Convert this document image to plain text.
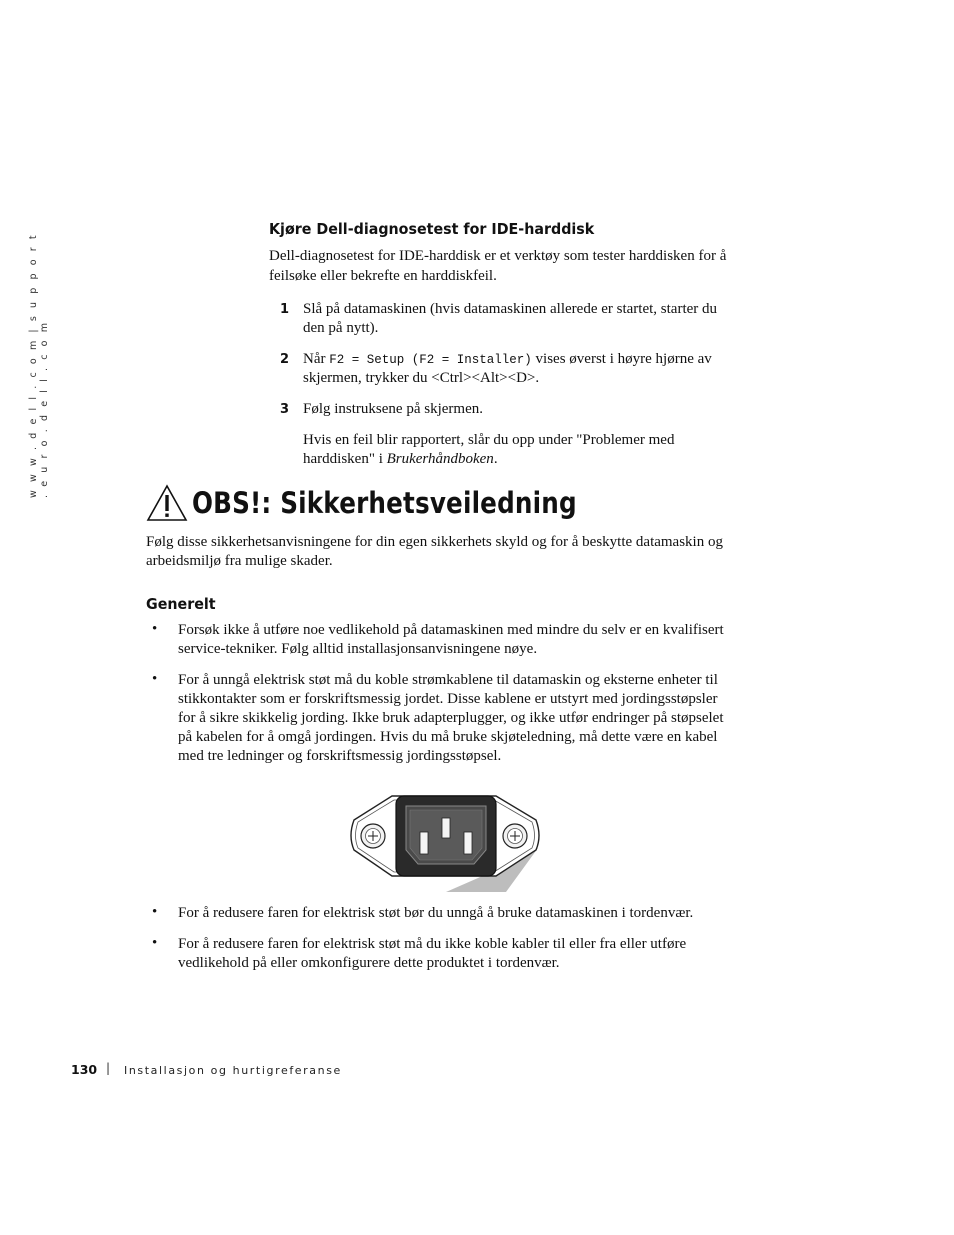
w w w . d e l l . c o m | s u p p o r t . e u r o . d e l l . c o m
Kjøre Dell-diagnosetest for IDE-harddisk
Dell-diagnosetest for IDE-harddisk er et verktøy som tester harddisken for å
feilsøke eller bekrefte en harddiskfeil.
1 Slå på datamaskinen (hvis datamaskinen allerede er startet, starter du
den på nytt).
2 Når F2 = Setup (F2 = Installer) vises øverst i høyre hjørne av
skjermen, trykker du <Ctrl><Alt><D>.
3 Følg instruksene på skjermen.
Hvis en feil blir rapportert, slår du opp under "Problemer med
harddisken" i Brukerhåndboken.
OBS!: Sikkerhetsveiledning
Følg disse sikkerhetsanvisningene for din egen sikkerhets skyld og for å beskytte datamaskin og
arbeidsmiljø fra mulige skader.
Generelt
• Forsøk ikke å utføre noe vedlikehold på datamaskinen med mindre du selv er en kvalifisert
service-tekniker. Følg alltid installasjonsanvisningene nøye.
• For å unngå elektrisk støt må du koble strømkablene til datamaskin og eksterne enheter til
stikkontakter som er forskriftsmessig jordet. Disse kablene er utstyrt med jordingsstøpsler
for å sikre skikkelig jording. Ikke bruk adapterplugger, og ikke utfør endringer på støpselet
på kabelen for å omgå jordingen. Hvis du må bruke skjøteledning, må dette være en kabel
med tre ledninger og forskriftsmessig jordingsstøpsel.
• For å redusere faren for elektrisk støt bør du unngå å bruke datamaskinen i tordenvær.
• For å redusere faren for elektrisk støt må du ikke koble kabler til eller fra eller utføre
vedlikehold på eller omkonfigurere dette produktet i tordenvær.
130 | Installasjon og hurtigreferanse
